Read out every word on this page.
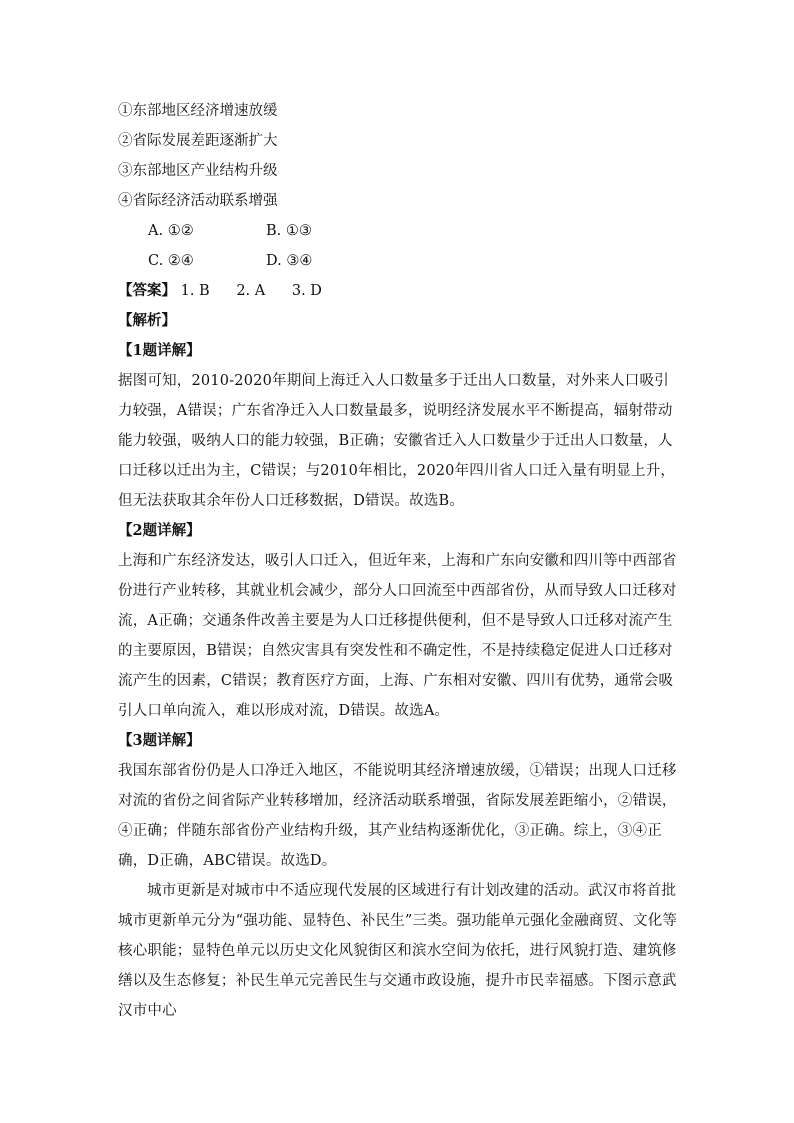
①东部地区经济增速放缓
②省际发展差距逐渐扩大
③东部地区产业结构升级
④省际经济活动联系增强
A. ①②	B. ①③
C. ②④	D. ③④
【答案】 1. B 2. A 3. D
【解析】
【1题详解】

据图可知，2010-2020年期间上海迁入人口数量多于迁出人口数量，对外来人口吸引力较强，A错误；广东省净迁入人口数量最多，说明经济发展水平不断提高，辐射带动能力较强，吸纳人口的能力较强，B正确；安徽省迁入人口数量少于迁出人口数量，人口迁移以迁出为主，C错误；与2010年相比，2020年四川省人口迁入量有明显上升，但无法获取其余年份人口迁移数据，D错误。故选B。

【2题详解】

上海和广东经济发达，吸引人口迁入，但近年来，上海和广东向安徽和四川等中西部省份进行产业转移，其就业机会减少，部分人口回流至中西部省份，从而导致人口迁移对流，A正确；交通条件改善主要是为人口迁移提供便利，但不是导致人口迁移对流产生的主要原因，B错误；自然灾害具有突发性和不确定性，不是持续稳定促进人口迁移对流产生的因素，C错误；教育医疗方面，上海、广东相对安徽、四川有优势，通常会吸引人口单向流入，难以形成对流，D错误。故选A。

【3题详解】

我国东部省份仍是人口净迁入地区，不能说明其经济增速放缓，①错误；出现人口迁移对流的省份之间省际产业转移增加，经济活动联系增强，省际发展差距缩小，②错误，④正确；伴随东部省份产业结构升级，其产业结构逐渐优化，③正确。综上，③④正确，D正确，ABC错误。故选D。

城市更新是对城市中不适应现代发展的区域进行有计划改建的活动。武汉市将首批城市更新单元分为“强功能、显特色、补民生”三类。强功能单元强化金融商贸、文化等核心职能；显特色单元以历史文化风貌街区和滨水空间为依托，进行风貌打造、建筑修缮以及生态修复；补民生单元完善民生与交通市政设施，提升市民幸福感。下图示意武汉市中心
